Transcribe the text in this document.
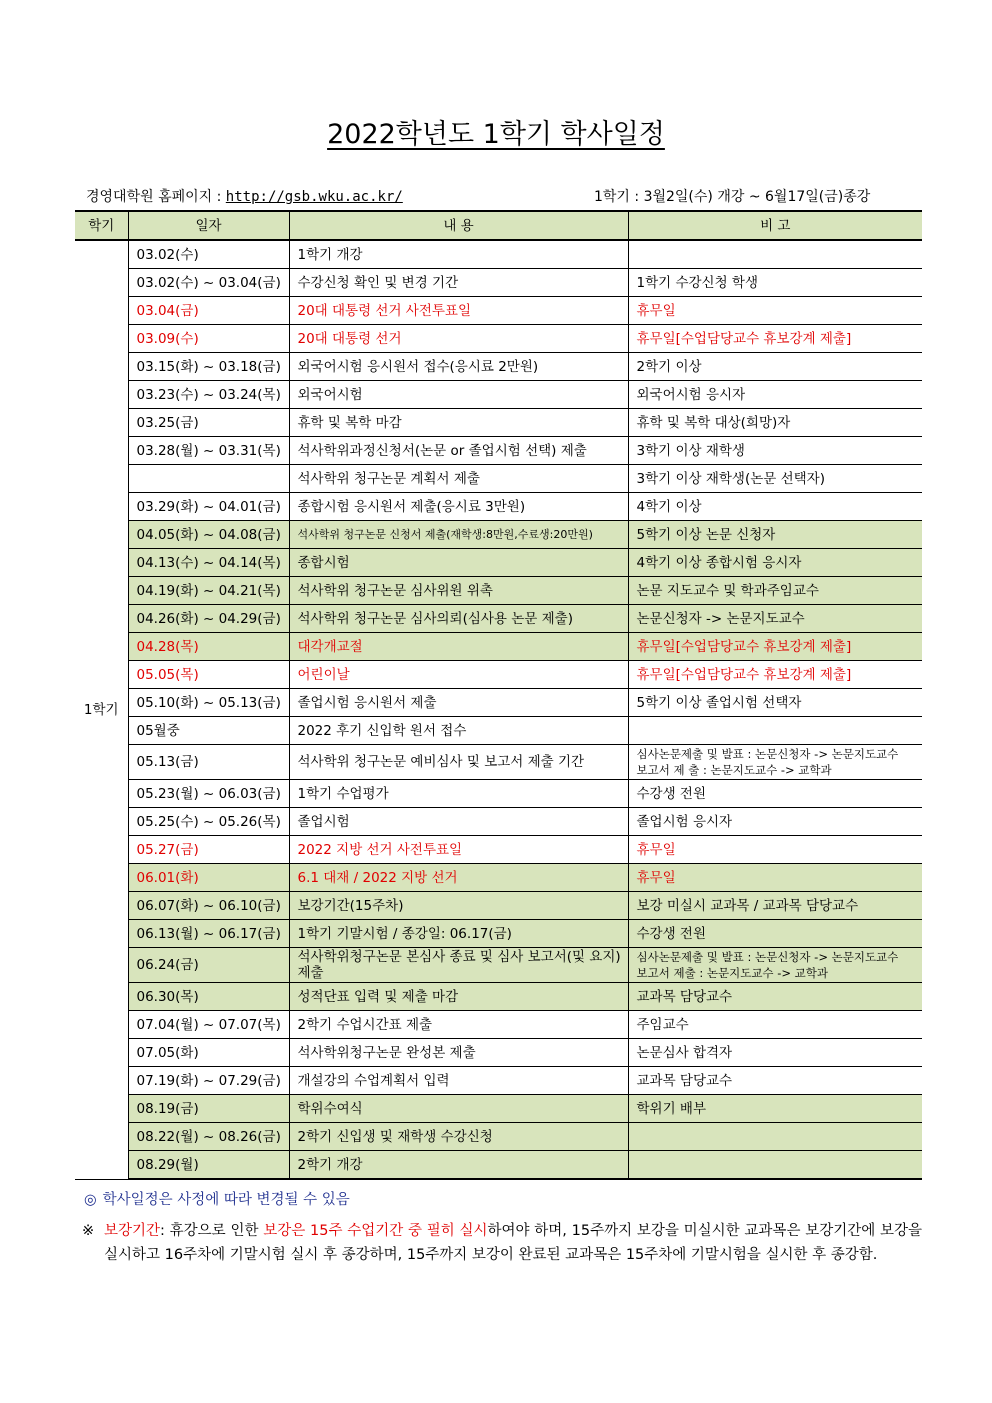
2022학년도 1학기 학사일정
경영대학원 홈페이지 : http://gsb.wku.ac.kr/	1학기 : 3월2일(수) 개강 ~ 6월17일(금)종강
학기	일자	내 용	비 고
1학기	03.02(수)	1학기 개강	
	03.02(수) ~ 03.04(금)	수강신청 확인 및 변경 기간	1학기 수강신청 학생
	03.04(금)	20대 대통령 선거 사전투표일	휴무일
	03.09(수)	20대 대통령 선거	휴무일[수업담당교수 휴보강계 제출]
	03.15(화) ~ 03.18(금)	외국어시험 응시원서 접수(응시료 2만원)	2학기 이상
	03.23(수) ~ 03.24(목)	외국어시험	외국어시험 응시자
	03.25(금)	휴학 및 복학 마감	휴학 및 복학 대상(희망)자
	03.28(월) ~ 03.31(목)	석사학위과정신청서(논문 or 졸업시험 선택) 제출	3학기 이상 재학생
		석사학위 청구논문 계획서 제출	3학기 이상 재학생(논문 선택자)
	03.29(화) ~ 04.01(금)	종합시험 응시원서 제출(응시료 3만원)	4학기 이상
	04.05(화) ~ 04.08(금)	석사학위 청구논문 신청서 제출(재학생:8만원,수료생:20만원)	5학기 이상 논문 신청자
	04.13(수) ~ 04.14(목)	종합시험	4학기 이상 종합시험 응시자
	04.19(화) ~ 04.21(목)	석사학위 청구논문 심사위원 위촉	논문 지도교수 및 학과주임교수
	04.26(화) ~ 04.29(금)	석사학위 청구논문 심사의뢰(심사용 논문 제출)	논문신청자 -> 논문지도교수
	04.28(목)	대각개교절	휴무일[수업담당교수 휴보강계 제출]
	05.05(목)	어린이날	휴무일[수업담당교수 휴보강계 제출]
	05.10(화) ~ 05.13(금)	졸업시험 응시원서 제출	5학기 이상 졸업시험 선택자
	05월중	2022 후기 신입학 원서 접수	
	05.13(금)	석사학위 청구논문 예비심사 및 보고서 제출 기간	심사논문제출 및 발표 : 논문신청자 -> 논문지도교수
보고서 제 출 : 논문지도교수 -> 교학과
	05.23(월) ~ 06.03(금)	1학기 수업평가	수강생 전원
	05.25(수) ~ 05.26(목)	졸업시험	졸업시험 응시자
	05.27(금)	2022 지방 선거 사전투표일	휴무일
	06.01(화)	6.1 대재 / 2022 지방 선거	휴무일
	06.07(화) ~ 06.10(금)	보강기간(15주차)	보강 미실시 교과목 / 교과목 담당교수
	06.13(월) ~ 06.17(금)	1학기 기말시험 / 종강일: 06.17(금)	수강생 전원
	06.24(금)	석사학위청구논문 본심사 종료 및 심사 보고서(및 요지) 제출	심사논문제출 및 발표 : 논문신청자 -> 논문지도교수
보고서 제출 : 논문지도교수 -> 교학과
	06.30(목)	성적단표 입력 및 제출 마감	교과목 담당교수
	07.04(월) ~ 07.07(목)	2학기 수업시간표 제출	주임교수
	07.05(화)	석사학위청구논문 완성본 제출	논문심사 합격자
	07.19(화) ~ 07.29(금)	개설강의 수업계획서 입력	교과목 담당교수
	08.19(금)	학위수여식	학위기 배부
	08.22(월) ~ 08.26(금)	2학기 신입생 및 재학생 수강신청	
	08.29(월)	2학기 개강	
◎ 학사일정은 사정에 따라 변경될 수 있음
※ 보강기간: 휴강으로 인한 보강은 15주 수업기간 중 필히 실시하여야 하며, 15주까지 보강을 미실시한 교과목은 보강기간에 보강을 실시하고 16주차에 기말시험 실시 후 종강하며, 15주까지 보강이 완료된 교과목은 15주차에 기말시험을 실시한 후 종강함.
